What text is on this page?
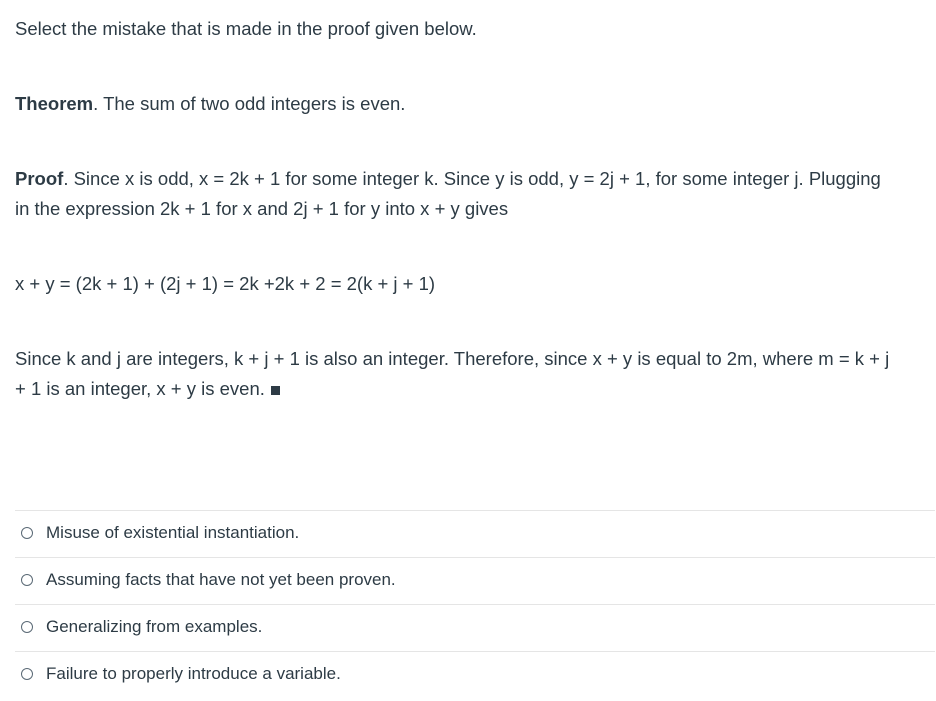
Select the mistake that is made in the proof given below.
Theorem. The sum of two odd integers is even.
Proof. Since x is odd, x = 2k + 1 for some integer k. Since y is odd, y = 2j + 1, for some integer j. Plugging
in the expression 2k + 1 for x and 2j + 1 for y into x + y gives
x + y = (2k + 1) + (2j + 1) = 2k +2k + 2 = 2(k + j + 1)
Since k and j are integers, k + j + 1 is also an integer. Therefore, since x + y is equal to 2m, where m = k + j
+ 1 is an integer, x + y is even.
Misuse of existential instantiation.
Assuming facts that have not yet been proven.
Generalizing from examples.
Failure to properly introduce a variable.
